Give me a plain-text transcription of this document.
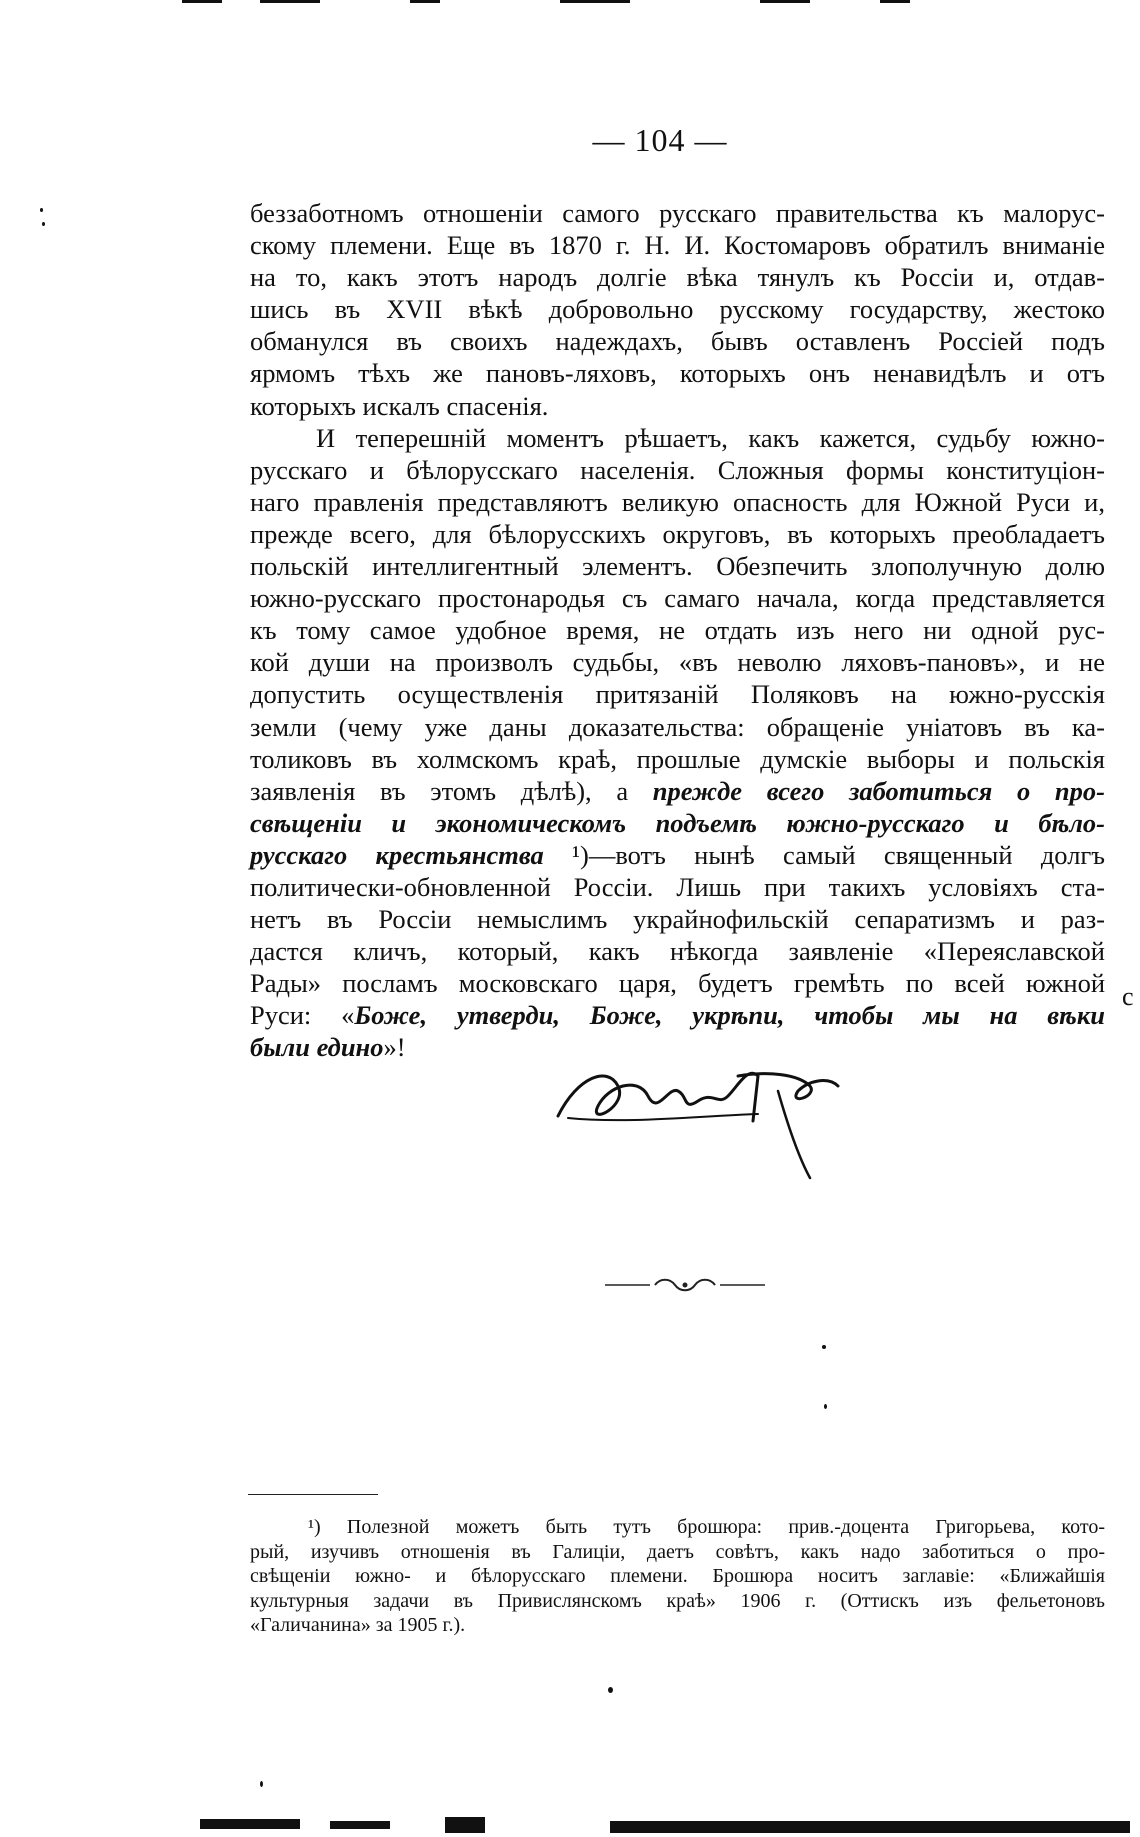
— 104 —
беззаботномъ отношеніи самого русскаго правительства къ малорус-
скому племени. Еще въ 1870 г. Н. И. Костомаровъ обратилъ вниманіе
на то, какъ этотъ народъ долгіе вѣка тянулъ къ Россіи и, отдав-
шись въ XVII вѣкѣ добровольно русскому государству, жестоко
обманулся въ своихъ надеждахъ, бывъ оставленъ Россіей подъ
ярмомъ тѣхъ же пановъ-ляховъ, которыхъ онъ ненавидѣлъ и отъ
которыхъ искалъ спасенія.
И теперешній моментъ рѣшаетъ, какъ кажется, судьбу южно-
русскаго и бѣлорусскаго населенія. Сложныя формы конституціон-
наго правленія представляютъ великую опасность для Южной Руси и,
прежде всего, для бѣлорусскихъ округовъ, въ которыхъ преобладаетъ
польскій интеллигентный элементъ. Обезпечить злополучную долю
южно-русскаго простонародья съ самаго начала, когда представляется
къ тому самое удобное время, не отдать изъ него ни одной рус-
кой души на произволъ судьбы, «въ неволю ляховъ-пановъ», и не
допустить осуществленія притязаній Поляковъ на южно-русскія
земли (чему уже даны доказательства: обращеніе уніатовъ въ ка-
толиковъ въ холмскомъ краѣ, прошлые думскіе выборы и польскія
заявленія въ этомъ дѣлѣ), а прежде всего заботиться о про-
свѣщеніи и экономическомъ подъемѣ южно-русскаго и бѣло-
русскаго крестьянства ¹)—вотъ нынѣ самый священный долгъ
политически-обновленной Россіи. Лишь при такихъ условіяхъ ста-
нетъ въ Россіи немыслимъ украйнофильскій сепаратизмъ и раз-
дастся кличъ, который, какъ нѣкогда заявленіе «Переяславской
Рады» посламъ московскаго царя, будетъ гремѣть по всей южной
Руси: «Боже, утверди, Боже, укрѣпи, чтобы мы на вѣки
были едино»!
с
¹) Полезной можетъ быть тутъ брошюра: прив.-доцента Григорьева, кото-
рый, изучивъ отношенія въ Галиціи, даетъ совѣтъ, какъ надо заботиться о про-
свѣщеніи южно- и бѣлорусскаго племени. Брошюра носитъ заглавіе: «Ближайшія
культурныя задачи въ Привислянскомъ краѣ» 1906 г. (Оттискъ изъ фельетоновъ
«Галичанина» за 1905 г.).
